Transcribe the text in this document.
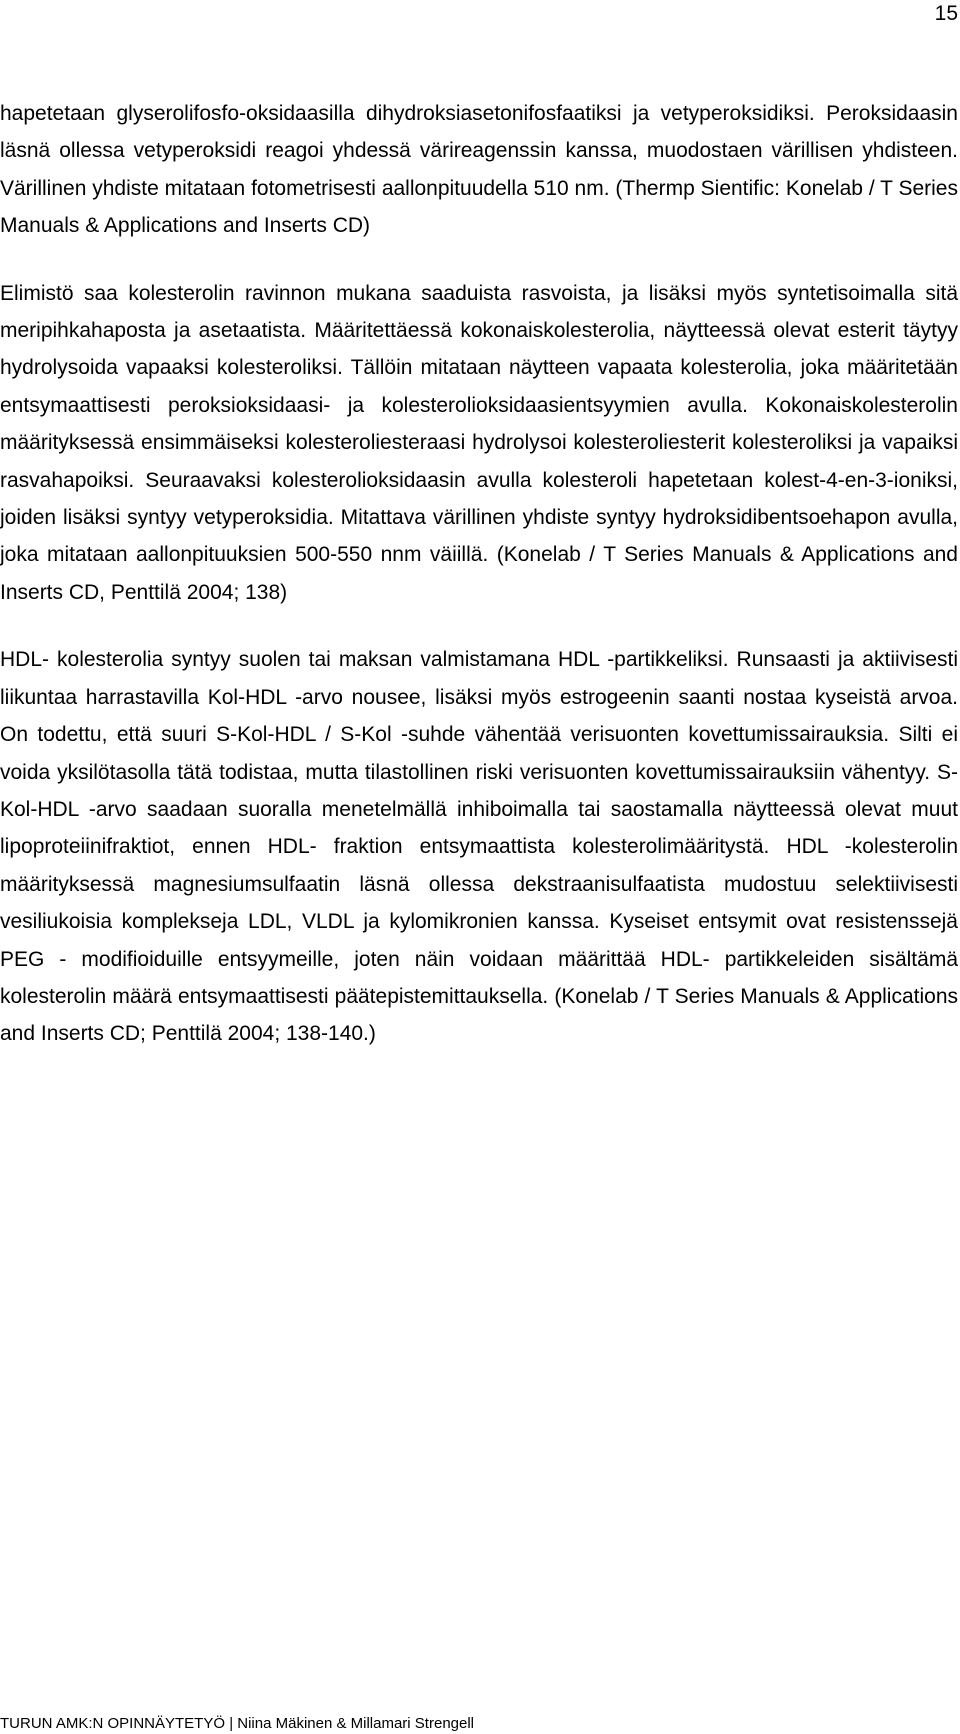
15

hapetetaan glyserolifosfo-oksidaasilla dihydroksiasetonifosfaatiksi ja vetyperoksidiksi. Peroksidaasin läsnä ollessa vetyperoksidi reagoi yhdessä värireagenssin kanssa, muodostaen värillisen yhdisteen. Värillinen yhdiste mitataan fotometrisesti aallonpituudella 510 nm. (Thermp Sientific: Konelab / T Series Manuals & Applications and Inserts CD)

Elimistö saa kolesterolin ravinnon mukana saaduista rasvoista, ja lisäksi myös syntetisoimalla sitä meripihkahaposta ja asetaatista. Määritettäessä kokonaiskolesterolia, näytteessä olevat esterit täytyy hydrolysoida vapaaksi kolesteroliksi. Tällöin mitataan näytteen vapaata kolesterolia, joka määritetään entsymaattisesti peroksioksidaasi- ja kolesterolioksidaasientsyymien avulla. Kokonaiskolesterolin määrityksessä ensimmäiseksi kolesteroliesteraasi hydrolysoi kolesteroliesterit kolesteroliksi ja vapaiksi rasvahapoiksi. Seuraavaksi kolesterolioksidaasin avulla kolesteroli hapetetaan kolest-4-en-3-ioniksi, joiden lisäksi syntyy vetyperoksidia. Mitattava värillinen yhdiste syntyy hydroksidibentsoehapon avulla, joka mitataan aallonpituuksien 500-550 nnm väiillä. (Konelab / T Series Manuals & Applications and Inserts CD, Penttilä 2004; 138)

HDL- kolesterolia syntyy suolen tai maksan valmistamana HDL -partikkeliksi. Runsaasti ja aktiivisesti liikuntaa harrastavilla Kol-HDL -arvo nousee, lisäksi myös estrogeenin saanti nostaa kyseistä arvoa. On todettu, että suuri S-Kol-HDL / S-Kol -suhde vähentää verisuonten kovettumissairauksia. Silti ei voida yksilötasolla tätä todistaa, mutta tilastollinen riski verisuonten kovettumissairauksiin vähentyy. S-Kol-HDL -arvo saadaan suoralla menetelmällä inhiboimalla tai saostamalla näytteessä olevat muut lipoproteiinifraktiot, ennen HDL- fraktion entsymaattista kolesterolimääritystä. HDL -kolesterolin määrityksessä magnesiumsulfaatin läsnä ollessa dekstraanisulfaatista mudostuu selektiivisesti vesiliukoisia komplekseja LDL, VLDL ja kylomikronien kanssa. Kyseiset entsymit ovat resistenssejä PEG - modifioiduille entsyymeille, joten näin voidaan määrittää HDL- partikkeleiden sisältämä kolesterolin määrä entsymaattisesti päätepistemittauksella. (Konelab / T Series Manuals & Applications and Inserts CD; Penttilä 2004; 138-140.)

TURUN AMK:N OPINNÄYTETYÖ | Niina Mäkinen & Millamari Strengell
